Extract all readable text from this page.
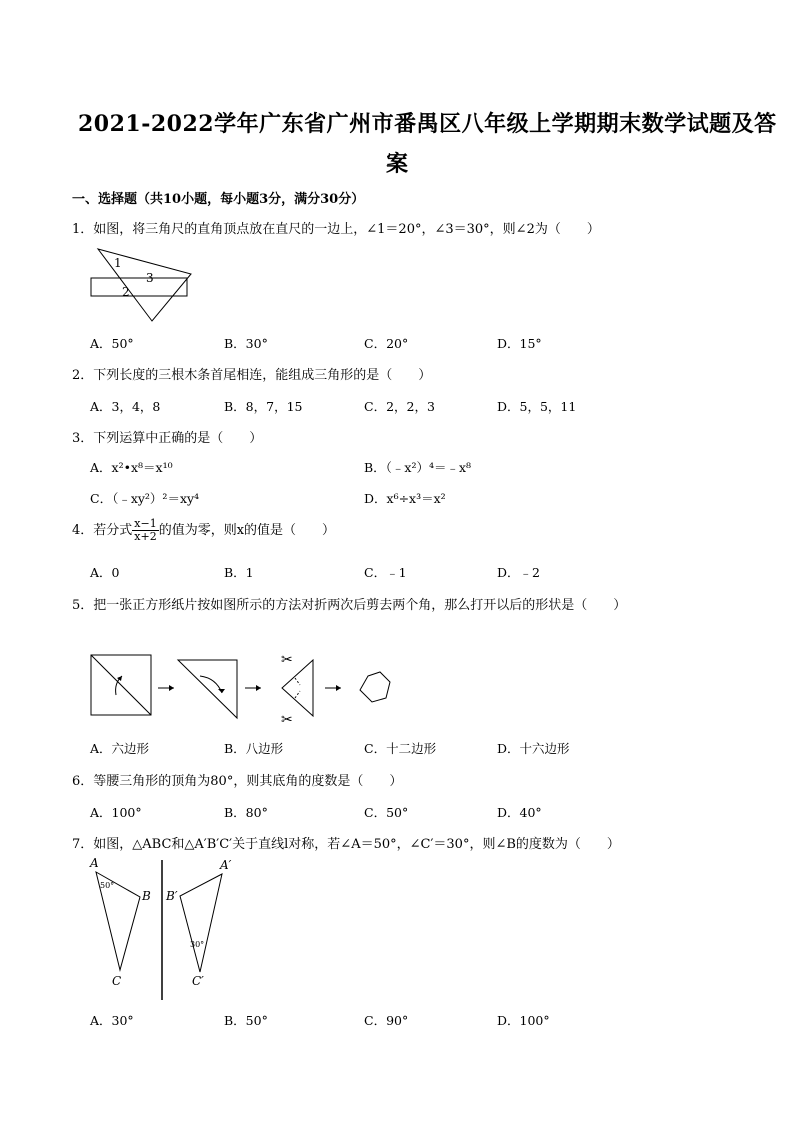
2021-2022学年广东省广州市番禺区八年级上学期期末数学试题及答
案
一、选择题（共10小题，每小题3分，满分30分）
1．如图，将三角尺的直角顶点放在直尺的一边上，∠1＝20°，∠3＝30°，则∠2为（　　）
1
3
2
A．50°	B．30°	C．20°	D．15°
2．下列长度的三根木条首尾相连，能组成三角形的是（　　）
A．3，4，8	B．8，7，15	C．2，2，3	D．5，5，11
3．下列运算中正确的是（　　）
A．x²•x⁸＝x¹⁰	B．（﹣x²）⁴＝﹣x⁸
C．（﹣xy²）²＝xy⁴	D．x⁶÷x³＝x²
4．若分式 $\frac{x-1}{x+2}$ 的值为零，则x的值是（　　）
A．0	B．1	C．﹣1	D．﹣2
5．把一张正方形纸片按如图所示的方法对折两次后剪去两个角，那么打开以后的形状是（　　）
✂
✂
A．六边形	B．八边形	C．十二边形	D．十六边形
6．等腰三角形的顶角为80°，则其底角的度数是（　　）
A．100°	B．80°	C．50°	D．40°
7．如图，△ABC和△A′B′C′关于直线l对称，若∠A＝50°，∠C′＝30°，则∠B的度数为（　　）
A
B
C
50°
A′
B′
C′
30°
A．30°	B．50°	C．90°	D．100°
